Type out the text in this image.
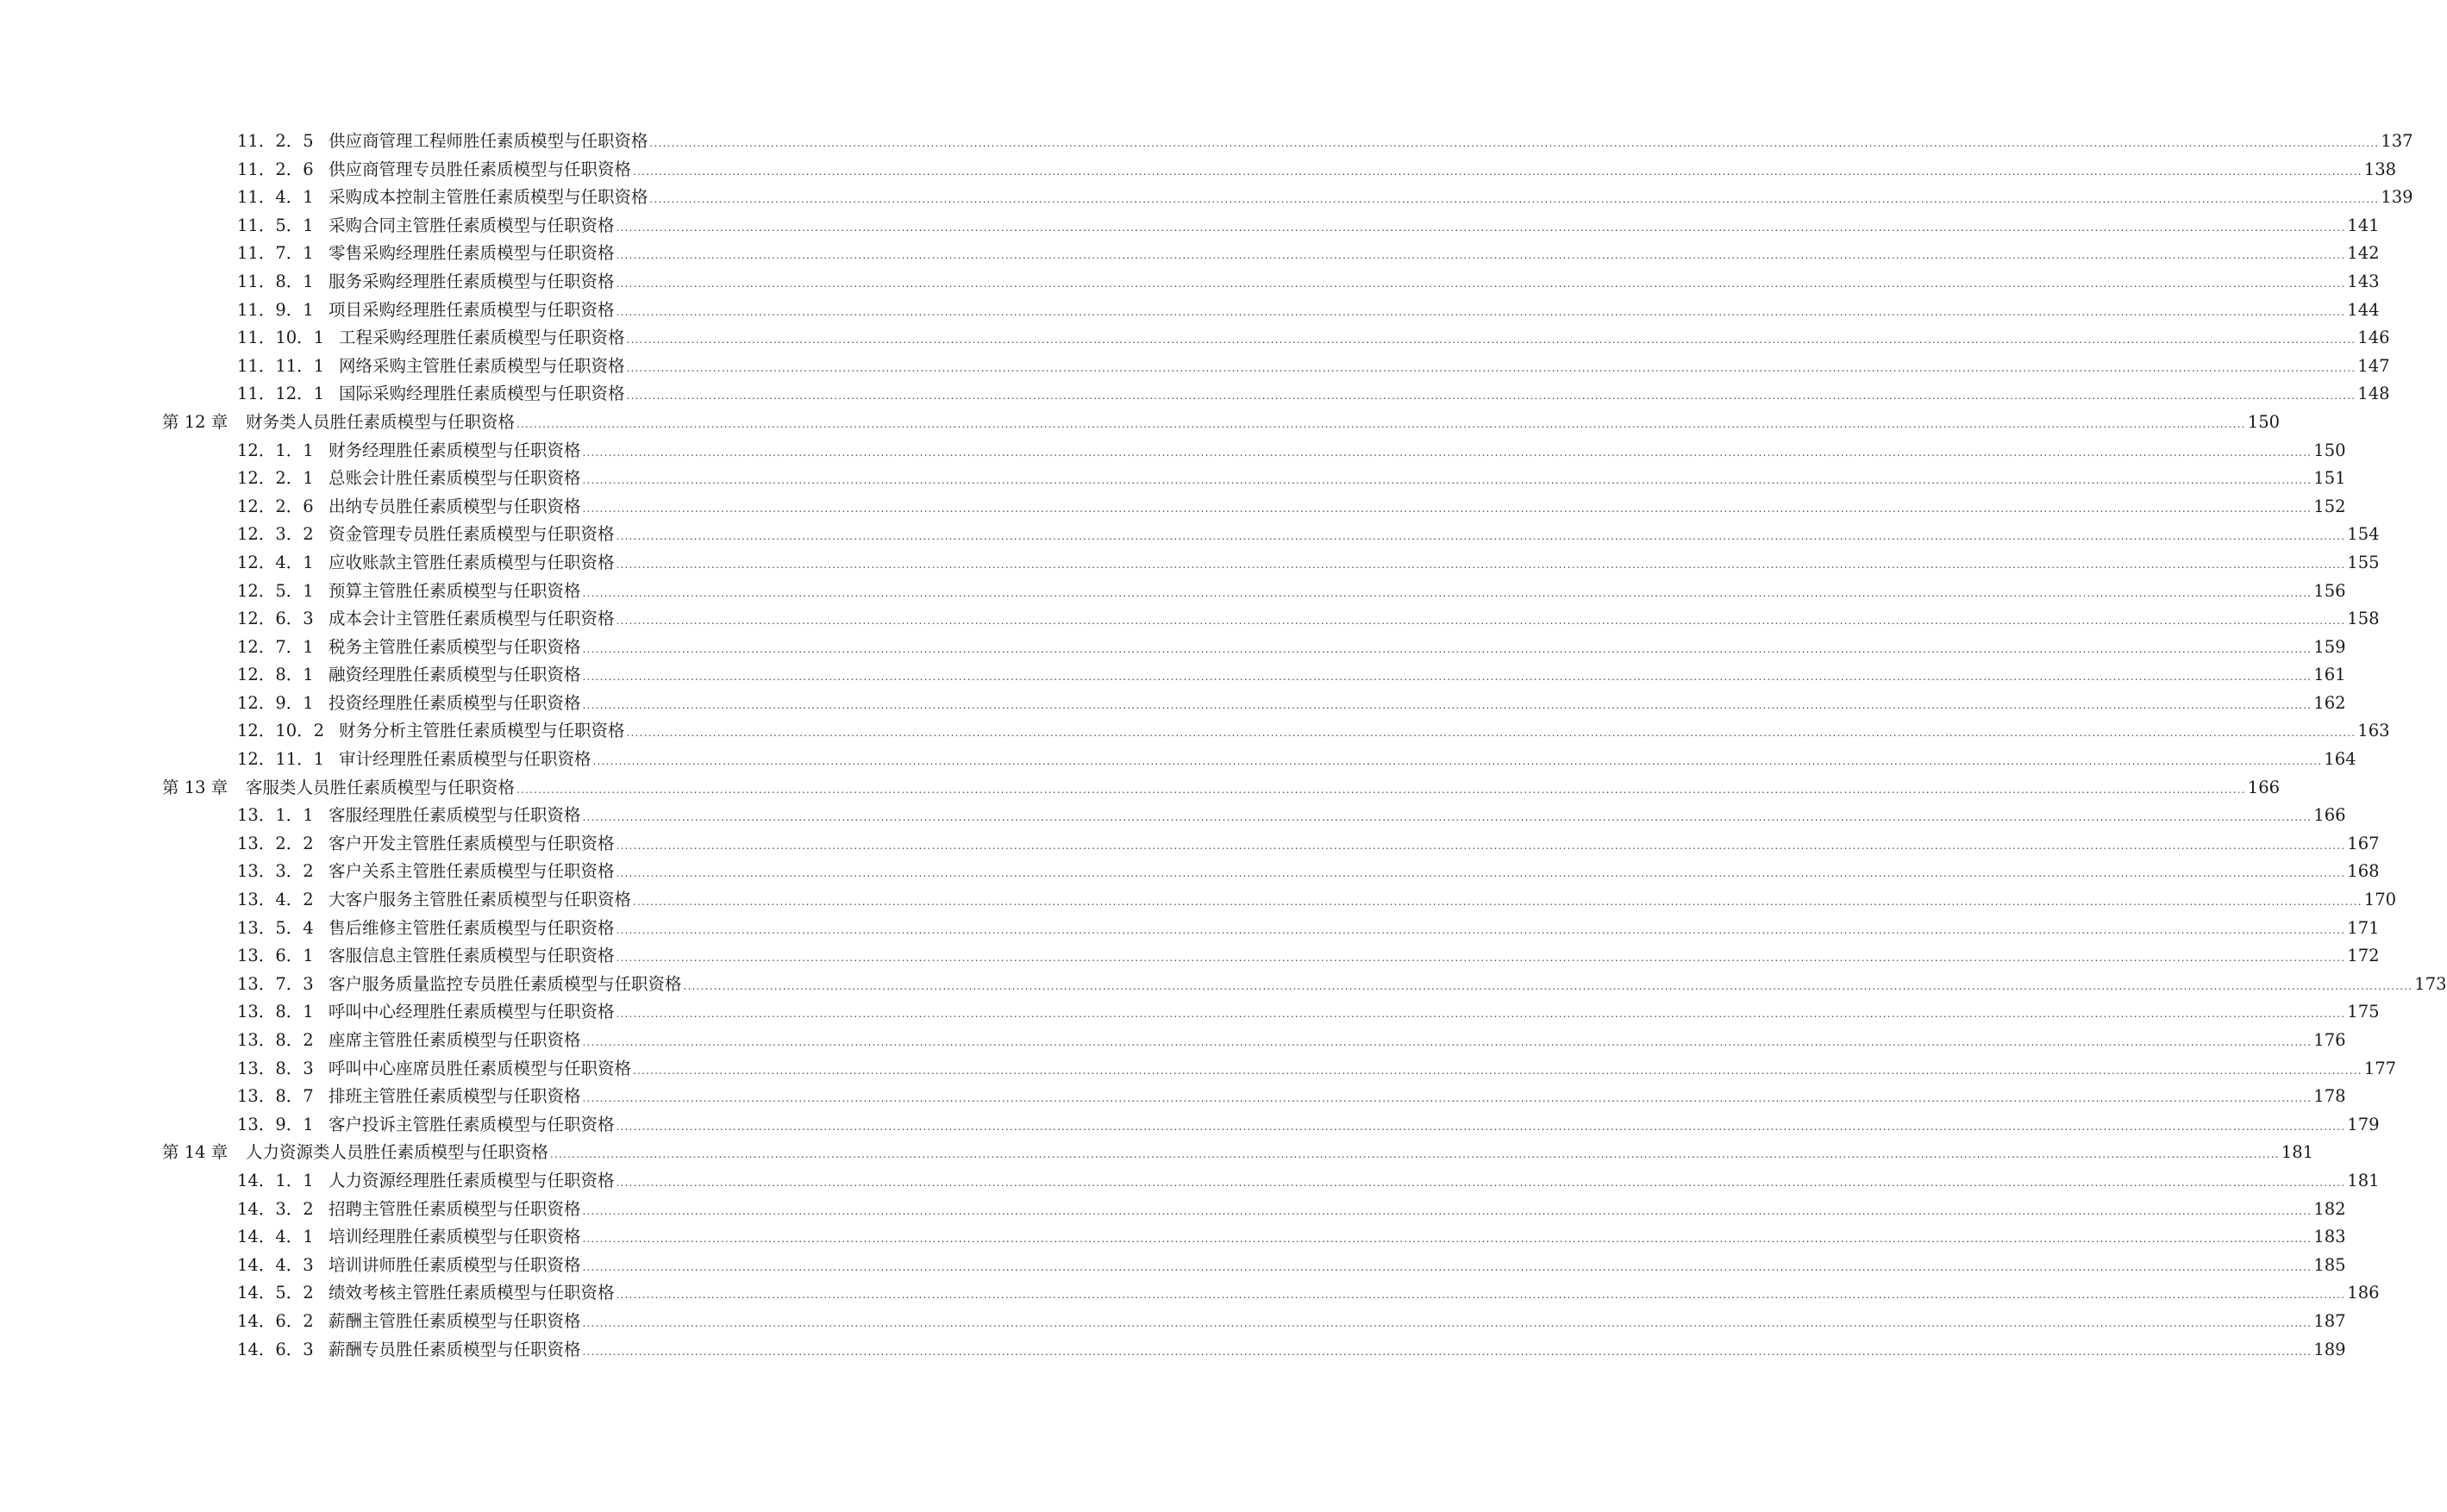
11．2．5 供应商管理工程师胜任素质模型与任职资格 ................................................................................................................................................................................................................................................................................................................................................................................................................ 137
11．2．6 供应商管理专员胜任素质模型与任职资格 ................................................................................................................................................................................................................................................................................................................................................................................................................ 138
11．4．1 采购成本控制主管胜任素质模型与任职资格 ................................................................................................................................................................................................................................................................................................................................................................................................................ 139
11．5．1 采购合同主管胜任素质模型与任职资格 ................................................................................................................................................................................................................................................................................................................................................................................................................ 141
11．7．1 零售采购经理胜任素质模型与任职资格 ................................................................................................................................................................................................................................................................................................................................................................................................................ 142
11．8．1 服务采购经理胜任素质模型与任职资格 ................................................................................................................................................................................................................................................................................................................................................................................................................ 143
11．9．1 项目采购经理胜任素质模型与任职资格 ................................................................................................................................................................................................................................................................................................................................................................................................................ 144
11．10．1 工程采购经理胜任素质模型与任职资格 ................................................................................................................................................................................................................................................................................................................................................................................................................ 146
11．11．1 网络采购主管胜任素质模型与任职资格 ................................................................................................................................................................................................................................................................................................................................................................................................................ 147
11．12．1 国际采购经理胜任素质模型与任职资格 ................................................................................................................................................................................................................................................................................................................................................................................................................ 148
第 12 章 财务类人员胜任素质模型与任职资格 ................................................................................................................................................................................................................................................................................................................................................................................................................ 150
12．1．1 财务经理胜任素质模型与任职资格 ................................................................................................................................................................................................................................................................................................................................................................................................................ 150
12．2．1 总账会计胜任素质模型与任职资格 ................................................................................................................................................................................................................................................................................................................................................................................................................ 151
12．2．6 出纳专员胜任素质模型与任职资格 ................................................................................................................................................................................................................................................................................................................................................................................................................ 152
12．3．2 资金管理专员胜任素质模型与任职资格 ................................................................................................................................................................................................................................................................................................................................................................................................................ 154
12．4．1 应收账款主管胜任素质模型与任职资格 ................................................................................................................................................................................................................................................................................................................................................................................................................ 155
12．5．1 预算主管胜任素质模型与任职资格 ................................................................................................................................................................................................................................................................................................................................................................................................................ 156
12．6．3 成本会计主管胜任素质模型与任职资格 ................................................................................................................................................................................................................................................................................................................................................................................................................ 158
12．7．1 税务主管胜任素质模型与任职资格 ................................................................................................................................................................................................................................................................................................................................................................................................................ 159
12．8．1 融资经理胜任素质模型与任职资格 ................................................................................................................................................................................................................................................................................................................................................................................................................ 161
12．9．1 投资经理胜任素质模型与任职资格 ................................................................................................................................................................................................................................................................................................................................................................................................................ 162
12．10．2 财务分析主管胜任素质模型与任职资格 ................................................................................................................................................................................................................................................................................................................................................................................................................ 163
12．11．1 审计经理胜任素质模型与任职资格 ................................................................................................................................................................................................................................................................................................................................................................................................................ 164
第 13 章 客服类人员胜任素质模型与任职资格 ................................................................................................................................................................................................................................................................................................................................................................................................................ 166
13．1．1 客服经理胜任素质模型与任职资格 ................................................................................................................................................................................................................................................................................................................................................................................................................ 166
13．2．2 客户开发主管胜任素质模型与任职资格 ................................................................................................................................................................................................................................................................................................................................................................................................................ 167
13．3．2 客户关系主管胜任素质模型与任职资格 ................................................................................................................................................................................................................................................................................................................................................................................................................ 168
13．4．2 大客户服务主管胜任素质模型与任职资格 ................................................................................................................................................................................................................................................................................................................................................................................................................ 170
13．5．4 售后维修主管胜任素质模型与任职资格 ................................................................................................................................................................................................................................................................................................................................................................................................................ 171
13．6．1 客服信息主管胜任素质模型与任职资格 ................................................................................................................................................................................................................................................................................................................................................................................................................ 172
13．7．3 客户服务质量监控专员胜任素质模型与任职资格 ................................................................................................................................................................................................................................................................................................................................................................................................................ 173
13．8．1 呼叫中心经理胜任素质模型与任职资格 ................................................................................................................................................................................................................................................................................................................................................................................................................ 175
13．8．2 座席主管胜任素质模型与任职资格 ................................................................................................................................................................................................................................................................................................................................................................................................................ 176
13．8．3 呼叫中心座席员胜任素质模型与任职资格 ................................................................................................................................................................................................................................................................................................................................................................................................................ 177
13．8．7 排班主管胜任素质模型与任职资格 ................................................................................................................................................................................................................................................................................................................................................................................................................ 178
13．9．1 客户投诉主管胜任素质模型与任职资格 ................................................................................................................................................................................................................................................................................................................................................................................................................ 179
第 14 章 人力资源类人员胜任素质模型与任职资格 ................................................................................................................................................................................................................................................................................................................................................................................................................ 181
14．1．1 人力资源经理胜任素质模型与任职资格 ................................................................................................................................................................................................................................................................................................................................................................................................................ 181
14．3．2 招聘主管胜任素质模型与任职资格 ................................................................................................................................................................................................................................................................................................................................................................................................................ 182
14．4．1 培训经理胜任素质模型与任职资格 ................................................................................................................................................................................................................................................................................................................................................................................................................ 183
14．4．3 培训讲师胜任素质模型与任职资格 ................................................................................................................................................................................................................................................................................................................................................................................................................ 185
14．5．2 绩效考核主管胜任素质模型与任职资格 ................................................................................................................................................................................................................................................................................................................................................................................................................ 186
14．6．2 薪酬主管胜任素质模型与任职资格 ................................................................................................................................................................................................................................................................................................................................................................................................................ 187
14．6．3 薪酬专员胜任素质模型与任职资格 ................................................................................................................................................................................................................................................................................................................................................................................................................ 189
